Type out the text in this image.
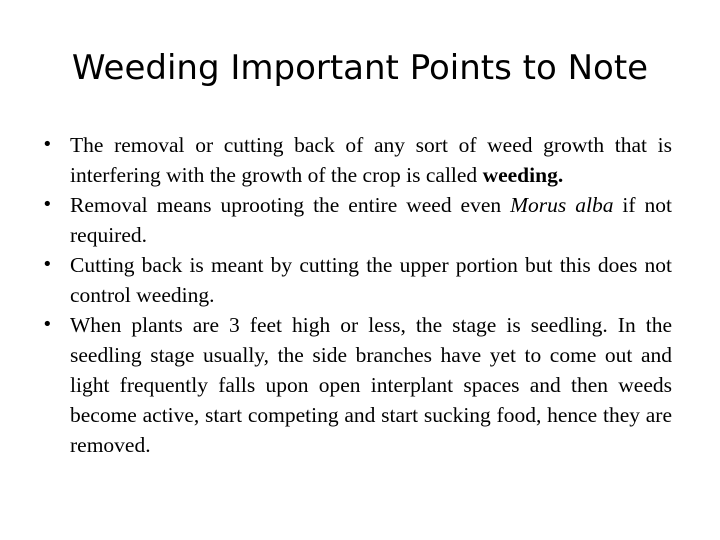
Weeding Important Points to Note
• The removal or cutting back of any sort of weed growth that is interfering with the growth of the crop is called weeding.
• Removal means uprooting the entire weed even Morus alba if not required.
• Cutting back is meant by cutting the upper portion but this does not control weeding.
• When plants are 3 feet high or less, the stage is seedling. In the seedling stage usually, the side branches have yet to come out and light frequently falls upon open interplant spaces and then weeds become active, start competing and start sucking food, hence they are removed.
